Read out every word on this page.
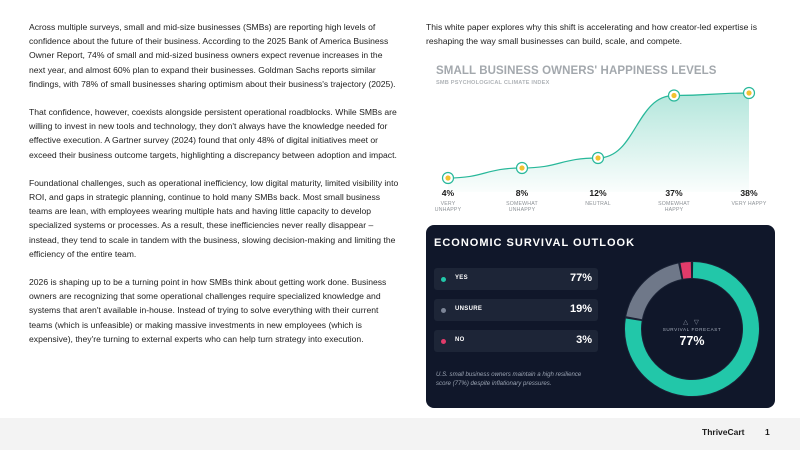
Across multiple surveys, small and mid-size businesses (SMBs) are reporting high levels of confidence about the future of their business. According to the 2025 Bank of America Business Owner Report, 74% of small and mid-sized business owners expect revenue increases in the next year, and almost 60% plan to expand their businesses. Goldman Sachs reports similar findings, with 78% of small businesses sharing optimism about their business's trajectory (2025).

That confidence, however, coexists alongside persistent operational roadblocks. While SMBs are willing to invest in new tools and technology, they don't always have the knowledge needed for effective execution. A Gartner survey (2024) found that only 48% of digital initiatives meet or exceed their business outcome targets, highlighting a discrepancy between adoption and impact.

Foundational challenges, such as operational inefficiency, low digital maturity, limited visibility into ROI, and gaps in strategic planning, continue to hold many SMBs back. Most small business teams are lean, with employees wearing multiple hats and having little capacity to develop specialized systems or processes. As a result, these inefficiencies never really disappear – instead, they tend to scale in tandem with the business, slowing decision-making and limiting the efficiency of the entire team.

2026 is shaping up to be a turning point in how SMBs think about getting work done. Business owners are recognizing that some operational challenges require specialized knowledge and systems that aren't available in-house. Instead of trying to solve everything with their current teams (which is unfeasible) or making massive investments in new employees (which is expensive), they're turning to external experts who can help turn strategy into execution.

This white paper explores why this shift is accelerating and how creator-led expertise is reshaping the way small businesses can build, scale, and compete.
SMALL BUSINESS OWNERS' HAPPINESS LEVELS
SMB PSYCHOLOGICAL CLIMATE INDEX
4%
VERY
UNHAPPY
8%
SOMEWHAT
UNHAPPY
12%
NEUTRAL
37%
SOMEWHAT
HAPPY
38%
VERY HAPPY
ECONOMIC SURVIVAL OUTLOOK
YES	77%
UNSURE	19%
NO	3%
U.S. small business owners maintain a high resilience score (77%) despite inflationary pressures.
△ ▽
SURVIVAL FORECAST
77%
ThriveCart 1
